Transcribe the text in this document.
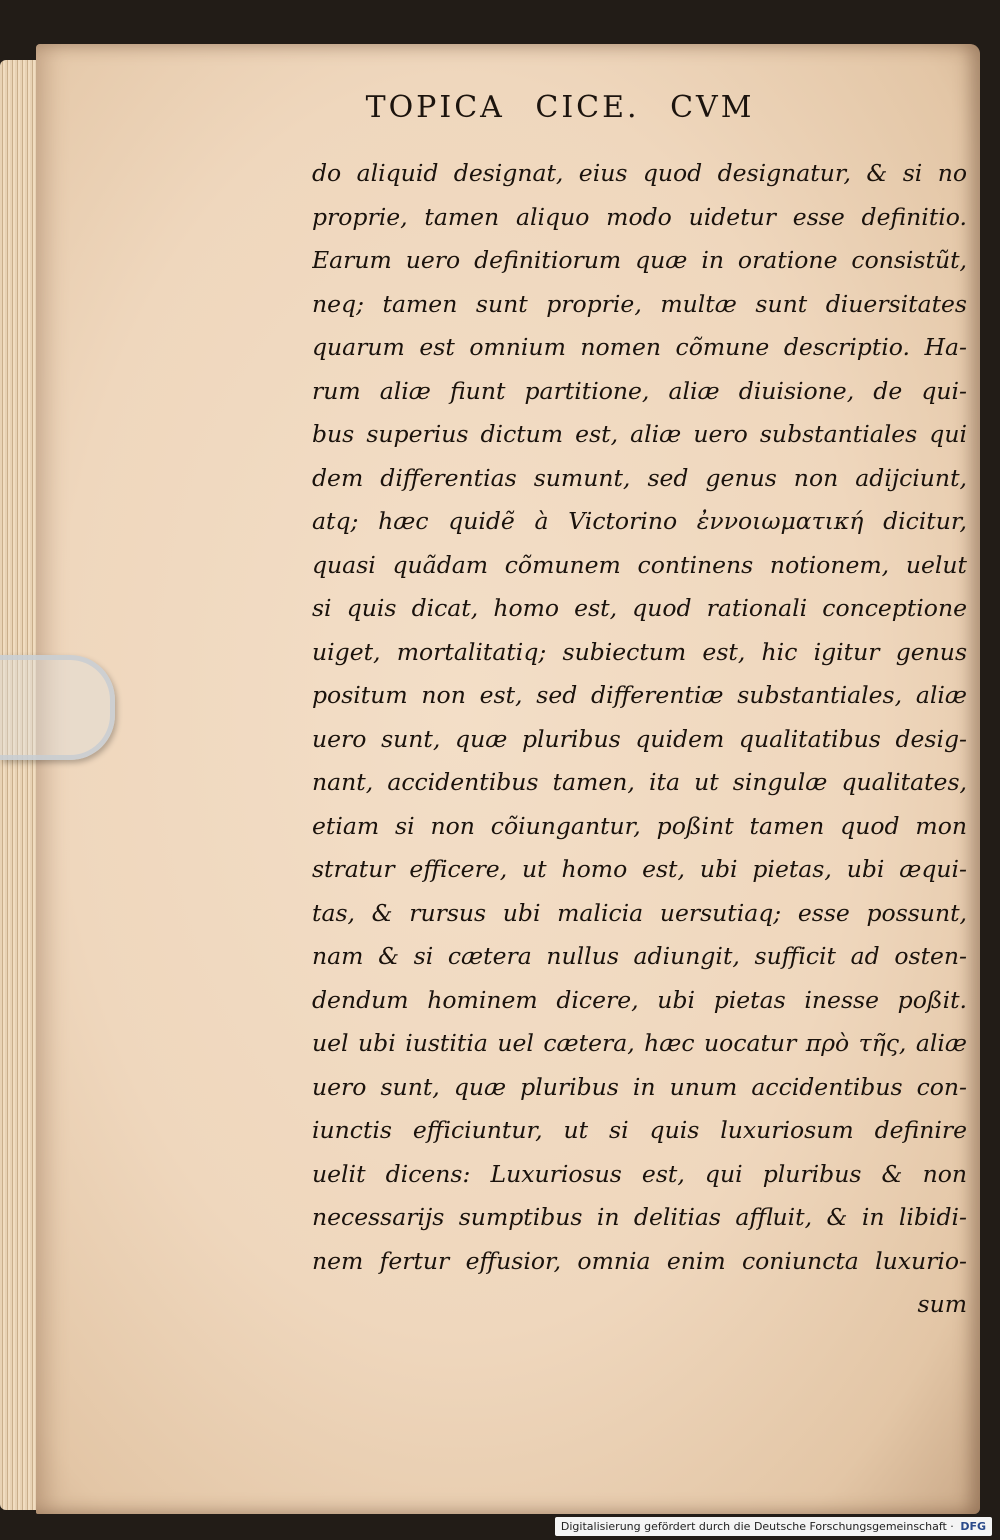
TOPICA CICE. CVM
do aliquid designat, eius quod designatur, & si no
proprie, tamen aliquo modo uidetur esse definitio.
Earum uero definitiorum quæ in oratione consistũt,
neq; tamen sunt proprie, multæ sunt diuersitates
quarum est omnium nomen cõmune descriptio. Ha-
rum aliæ fiunt partitione, aliæ diuisione, de qui-
bus superius dictum est, aliæ uero substantiales qui
dem differentias sumunt, sed genus non adijciunt,
atq; hæc quidẽ à Victorino ἐννοιωματική dicitur,
quasi quãdam cõmunem continens notionem, uelut
si quis dicat, homo est, quod rationali conceptione
uiget, mortalitatiq; subiectum est, hic igitur genus
positum non est, sed differentiæ substantiales, aliæ
uero sunt, quæ pluribus quidem qualitatibus desig-
nant, accidentibus tamen, ita ut singulæ qualitates,
etiam si non cõiungantur, poßint tamen quod mon
stratur efficere, ut homo est, ubi pietas, ubi æqui-
tas, & rursus ubi malicia uersutiaq; esse possunt,
nam & si cætera nullus adiungit, sufficit ad osten-
dendum hominem dicere, ubi pietas inesse poßit.
uel ubi iustitia uel cætera, hæc uocatur πρὸ τῆς, aliæ
uero sunt, quæ pluribus in unum accidentibus con-
iunctis efficiuntur, ut si quis luxuriosum definire
uelit dicens: Luxuriosus est, qui pluribus & non
necessarijs sumptibus in delitias affluit, & in libidi-
nem fertur effusior, omnia enim coniuncta luxurio-
sum
Digitalisierung gefördert durch die Deutsche Forschungsgemeinschaft · DFG
